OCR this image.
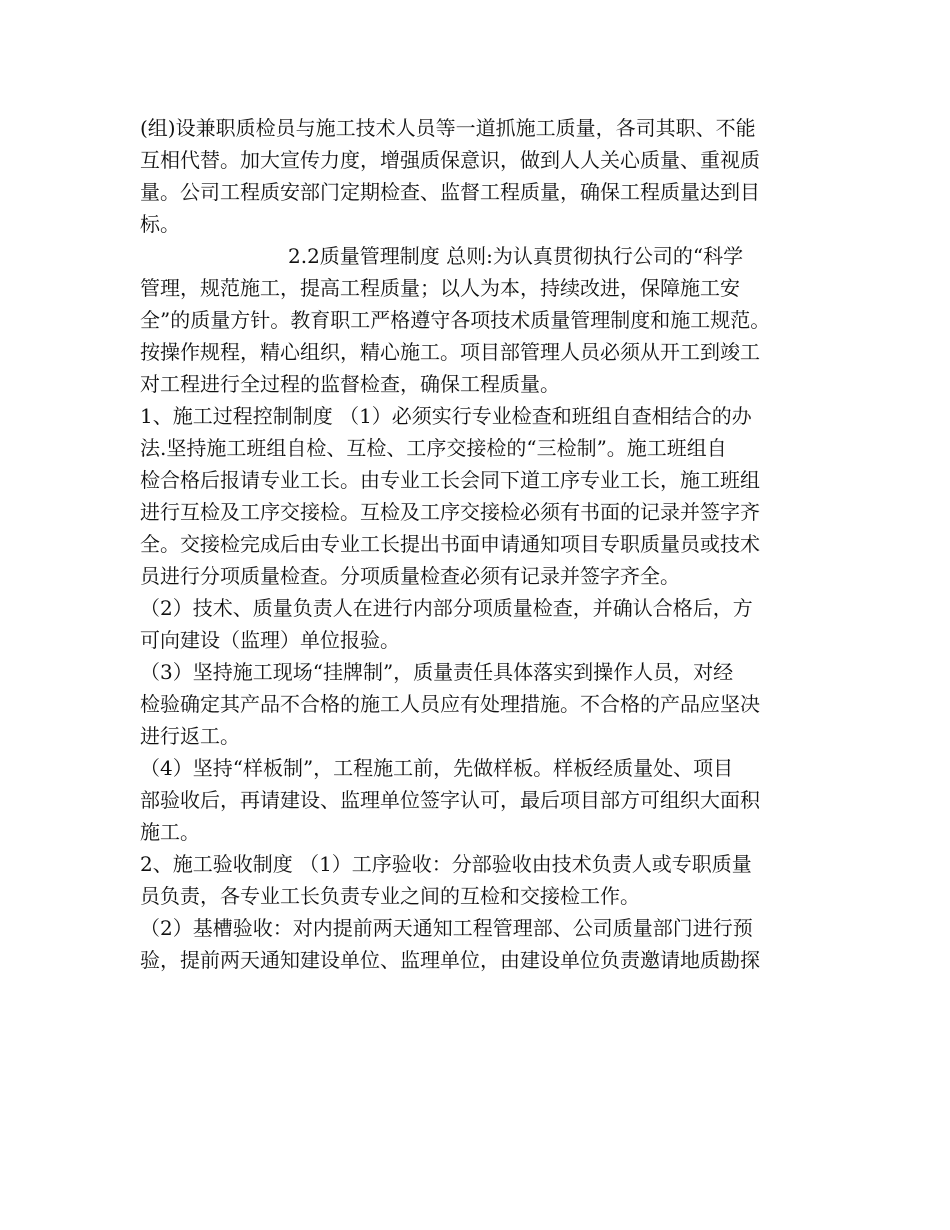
(组)设兼职质检员与施工技术人员等一道抓施工质量，各司其职、不能
互相代替。加大宣传力度，增强质保意识，做到人人关心质量、重视质
量。公司工程质安部门定期检查、监督工程质量，确保工程质量达到目
标。
2.2质量管理制度 总则:为认真贯彻执行公司的“科学
管理，规范施工，提高工程质量；以人为本，持续改进，保障施工安
全”的质量方针。教育职工严格遵守各项技术质量管理制度和施工规范。
按操作规程，精心组织，精心施工。项目部管理人员必须从开工到竣工
对工程进行全过程的监督检查，确保工程质量。
1、施工过程控制制度 （1）必须实行专业检查和班组自查相结合的办
法.坚持施工班组自检、互检、工序交接检的“三检制”。施工班组自
检合格后报请专业工长。由专业工长会同下道工序专业工长，施工班组
进行互检及工序交接检。互检及工序交接检必须有书面的记录并签字齐
全。交接检完成后由专业工长提出书面申请通知项目专职质量员或技术
员进行分项质量检查。分项质量检查必须有记录并签字齐全。
（2）技术、质量负责人在进行内部分项质量检查，并确认合格后，方
可向建设（监理）单位报验。
（3）坚持施工现场“挂牌制”，质量责任具体落实到操作人员，对经
检验确定其产品不合格的施工人员应有处理措施。不合格的产品应坚决
进行返工。
（4）坚持“样板制”，工程施工前，先做样板。样板经质量处、项目
部验收后，再请建设、监理单位签字认可，最后项目部方可组织大面积
施工。
2、施工验收制度 （1）工序验收：分部验收由技术负责人或专职质量
员负责，各专业工长负责专业之间的互检和交接检工作。
（2）基槽验收：对内提前两天通知工程管理部、公司质量部门进行预
验，提前两天通知建设单位、监理单位，由建设单位负责邀请地质勘探
